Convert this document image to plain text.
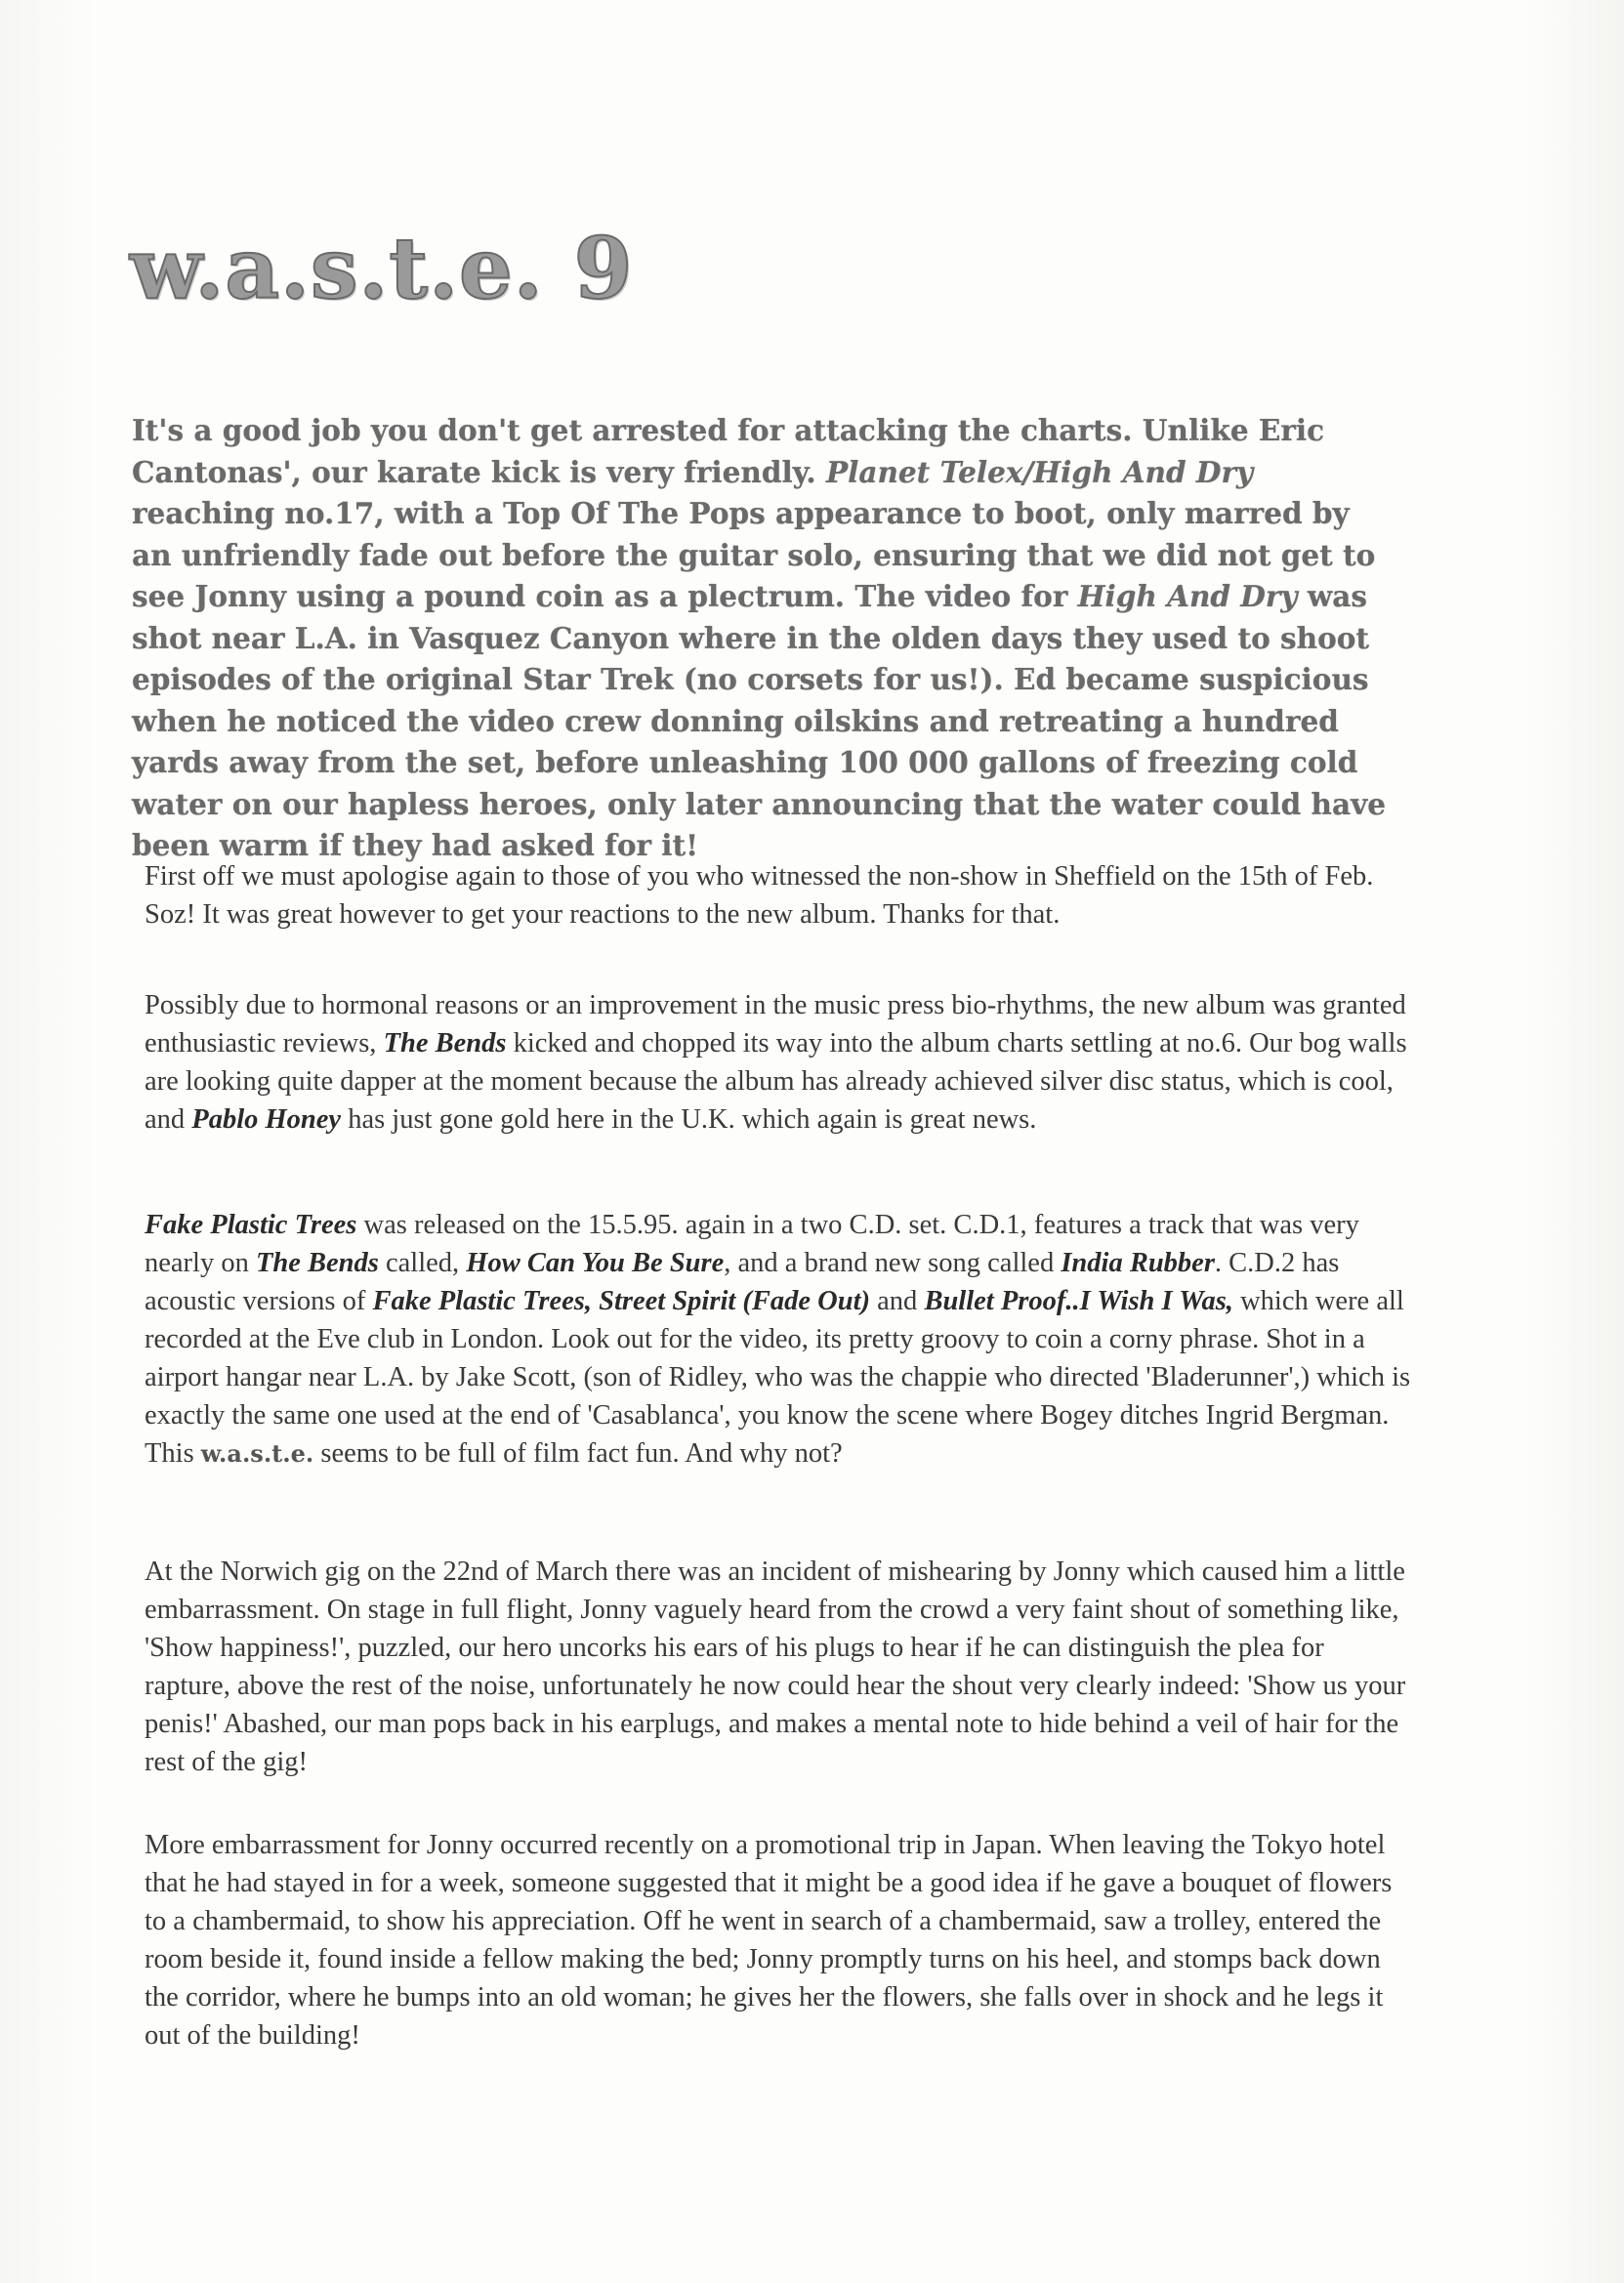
w.a.s.t.e. 9

It's a good job you don't get arrested for attacking the charts. Unlike Eric Cantonas', our karate kick is very friendly. Planet Telex/High And Dry reaching no.17, with a Top Of The Pops appearance to boot, only marred by an unfriendly fade out before the guitar solo, ensuring that we did not get to see Jonny using a pound coin as a plectrum. The video for High And Dry was shot near L.A. in Vasquez Canyon where in the olden days they used to shoot episodes of the original Star Trek (no corsets for us!). Ed became suspicious when he noticed the video crew donning oilskins and retreating a hundred yards away from the set, before unleashing 100 000 gallons of freezing cold water on our hapless heroes, only later announcing that the water could have been warm if they had asked for it!

First off we must apologise again to those of you who witnessed the non-show in Sheffield on the 15th of Feb. Soz! It was great however to get your reactions to the new album. Thanks for that.

Possibly due to hormonal reasons or an improvement in the music press bio-rhythms, the new album was granted enthusiastic reviews, The Bends kicked and chopped its way into the album charts settling at no.6. Our bog walls are looking quite dapper at the moment because the album has already achieved silver disc status, which is cool, and Pablo Honey has just gone gold here in the U.K. which again is great news.

Fake Plastic Trees was released on the 15.5.95. again in a two C.D. set. C.D.1, features a track that was very nearly on The Bends called, How Can You Be Sure, and a brand new song called India Rubber. C.D.2 has acoustic versions of Fake Plastic Trees, Street Spirit (Fade Out) and Bullet Proof..I Wish I Was, which were all recorded at the Eve club in London. Look out for the video, its pretty groovy to coin a corny phrase. Shot in a airport hangar near L.A. by Jake Scott, (son of Ridley, who was the chappie who directed 'Bladerunner',) which is exactly the same one used at the end of 'Casablanca', you know the scene where Bogey ditches Ingrid Bergman. This w.a.s.t.e. seems to be full of film fact fun. And why not?

At the Norwich gig on the 22nd of March there was an incident of mishearing by Jonny which caused him a little embarrassment. On stage in full flight, Jonny vaguely heard from the crowd a very faint shout of something like, 'Show happiness!', puzzled, our hero uncorks his ears of his plugs to hear if he can distinguish the plea for rapture, above the rest of the noise, unfortunately he now could hear the shout very clearly indeed: 'Show us your penis!' Abashed, our man pops back in his earplugs, and makes a mental note to hide behind a veil of hair for the rest of the gig!

More embarrassment for Jonny occurred recently on a promotional trip in Japan. When leaving the Tokyo hotel that he had stayed in for a week, someone suggested that it might be a good idea if he gave a bouquet of flowers to a chambermaid, to show his appreciation. Off he went in search of a chambermaid, saw a trolley, entered the room beside it, found inside a fellow making the bed; Jonny promptly turns on his heel, and stomps back down the corridor, where he bumps into an old woman; he gives her the flowers, she falls over in shock and he legs it out of the building!
